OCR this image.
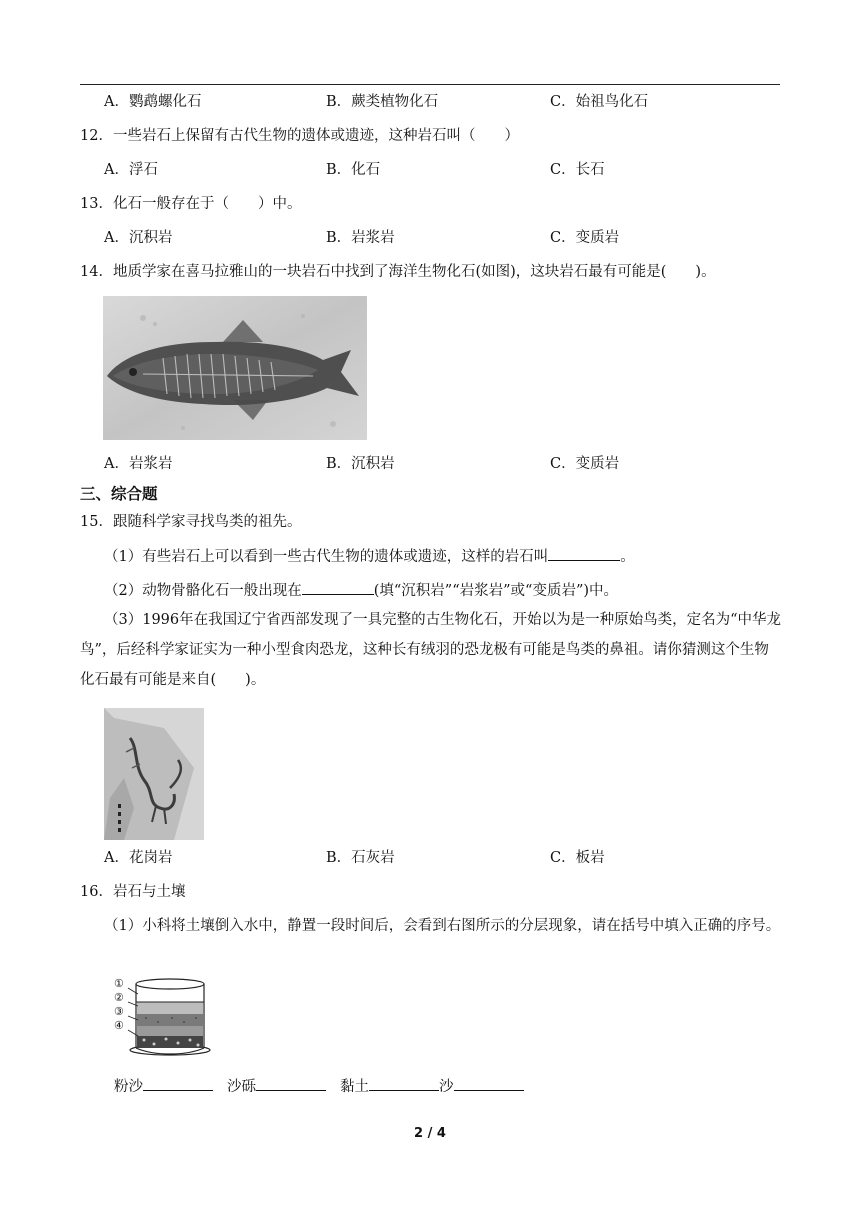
A．鹦鹉螺化石	B．蕨类植物化石	C．始祖鸟化石
12．一些岩石上保留有古代生物的遗体或遗迹，这种岩石叫（　　）
A．浮石	B．化石	C．长石
13．化石一般存在于（　　）中。
A．沉积岩	B．岩浆岩	C．变质岩
14．地质学家在喜马拉雅山的一块岩石中找到了海洋生物化石(如图)，这块岩石最有可能是(　　)。
A．岩浆岩	B．沉积岩	C．变质岩
三、综合题
15．跟随科学家寻找鸟类的祖先。
（1）有些岩石上可以看到一些古代生物的遗体或遗迹，这样的岩石叫	。
（2）动物骨骼化石一般出现在	(填“沉积岩”“岩浆岩”或“变质岩”)中。
（3）1996年在我国辽宁省西部发现了一具完整的古生物化石，开始以为是一种原始鸟类，定名为“中华龙鸟”，后经科学家证实为一种小型食肉恐龙，这种长有绒羽的恐龙极有可能是鸟类的鼻祖。请你猜测这个生物化石最有可能是来自(　　)。
A．花岗岩	B．石灰岩	C．板岩
16．岩石与土壤
（1）小科将土壤倒入水中，静置一段时间后，会看到右图所示的分层现象，请在括号中填入正确的序号。
①
②
③
④
粉沙	沙砾	黏土	沙
2 / 4
